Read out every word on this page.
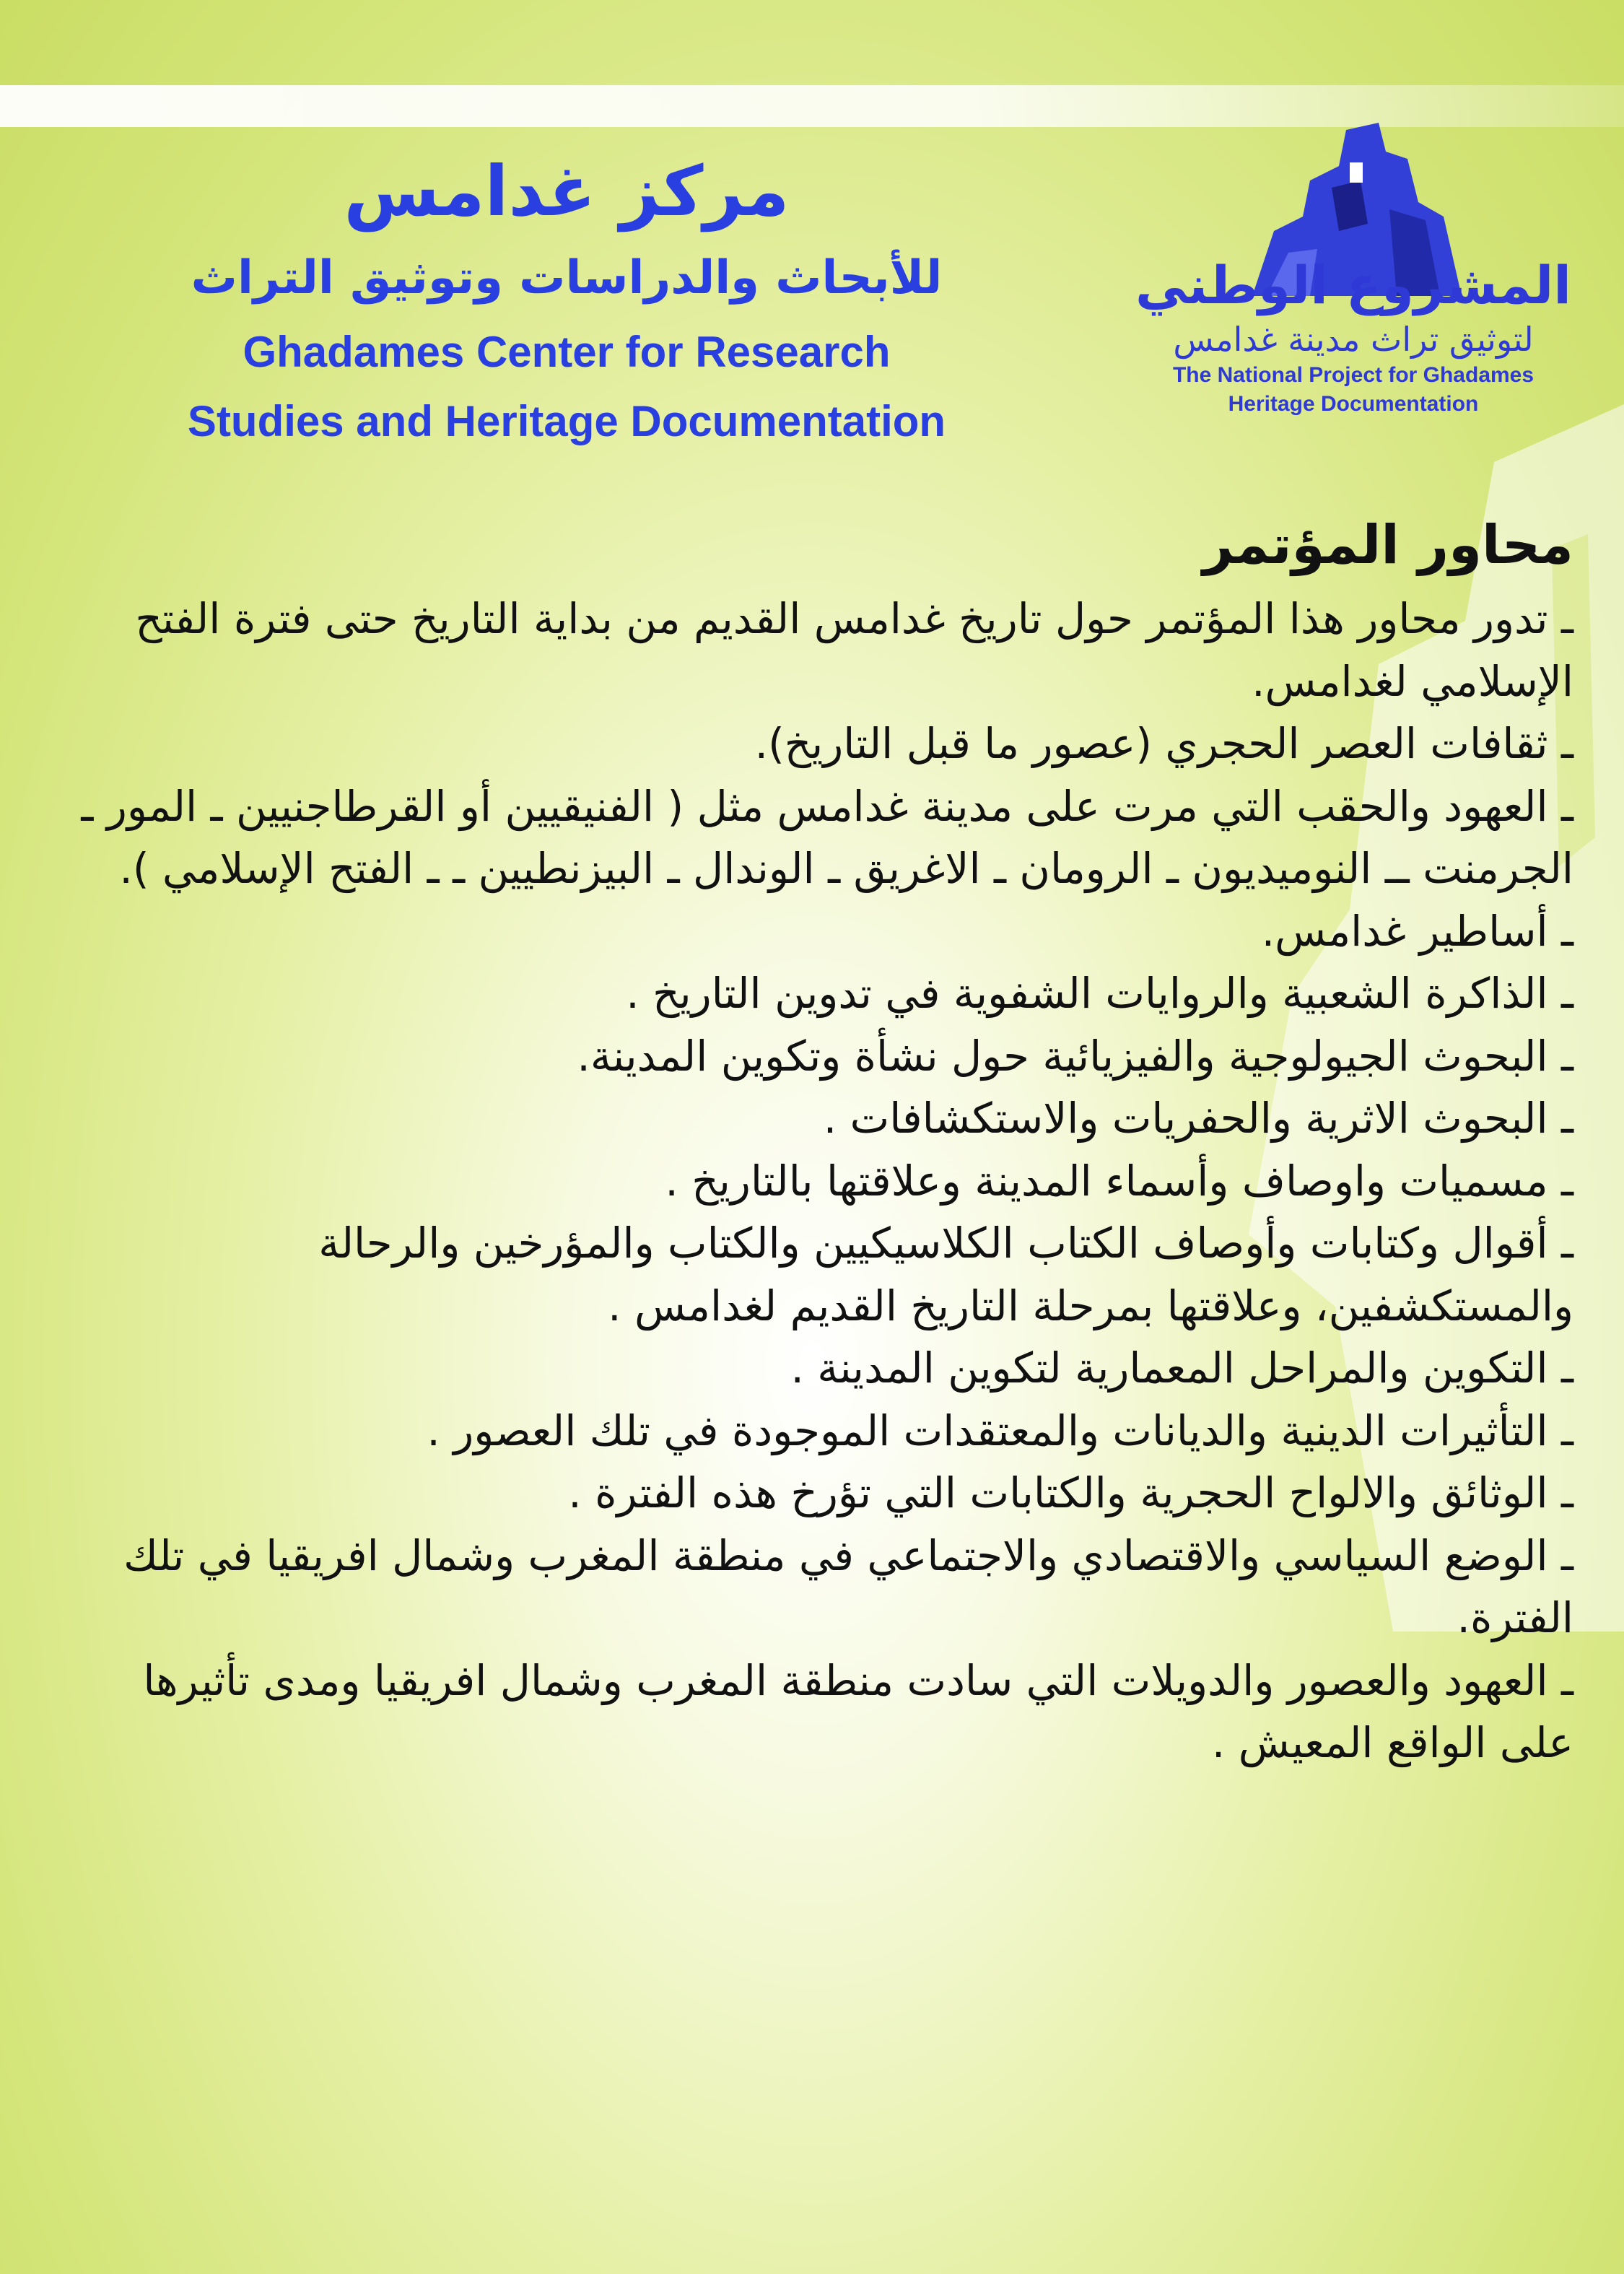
مركز غدامس
للأبحاث والدراسات وتوثيق التراث
Ghadames Center for Research
Studies and Heritage Documentation
المشروع الوطني
لتوثيق تراث مدينة غدامس
The National Project for Ghadames
Heritage Documentation
محاور المؤتمر
ـ تدور محاور هذا المؤتمر حول تاريخ غدامس القديم من بداية التاريخ حتى فترة الفتح الإسلامي لغدامس.
ـ ثقافات العصر الحجري (عصور ما قبل التاريخ).
ـ العهود والحقب التي مرت على مدينة غدامس مثل ( الفنيقيين أو القرطاجنيين ـ المور ـ الجرمنت ــ النوميديون ـ الرومان ـ الاغريق ـ الوندال ـ البيزنطيين ـ ـ الفتح الإسلامي ).
ـ أساطير غدامس.
ـ الذاكرة الشعبية والروايات الشفوية في تدوين التاريخ .
ـ البحوث الجيولوجية والفيزيائية حول نشأة وتكوين المدينة.
ـ البحوث الاثرية والحفريات والاستكشافات .
ـ مسميات واوصاف وأسماء المدينة وعلاقتها بالتاريخ .
ـ أقوال وكتابات وأوصاف الكتاب الكلاسيكيين والكتاب والمؤرخين والرحالة والمستكشفين، وعلاقتها بمرحلة التاريخ القديم لغدامس .
ـ التكوين والمراحل المعمارية لتكوين المدينة .
ـ التأثيرات الدينية والديانات والمعتقدات الموجودة في تلك العصور .
ـ الوثائق والالواح الحجرية والكتابات التي تؤرخ هذه الفترة .
ـ الوضع السياسي والاقتصادي والاجتماعي في منطقة المغرب وشمال افريقيا في تلك الفترة.
ـ العهود والعصور والدويلات التي سادت منطقة المغرب وشمال افريقيا ومدى تأثيرها على الواقع المعيش .
